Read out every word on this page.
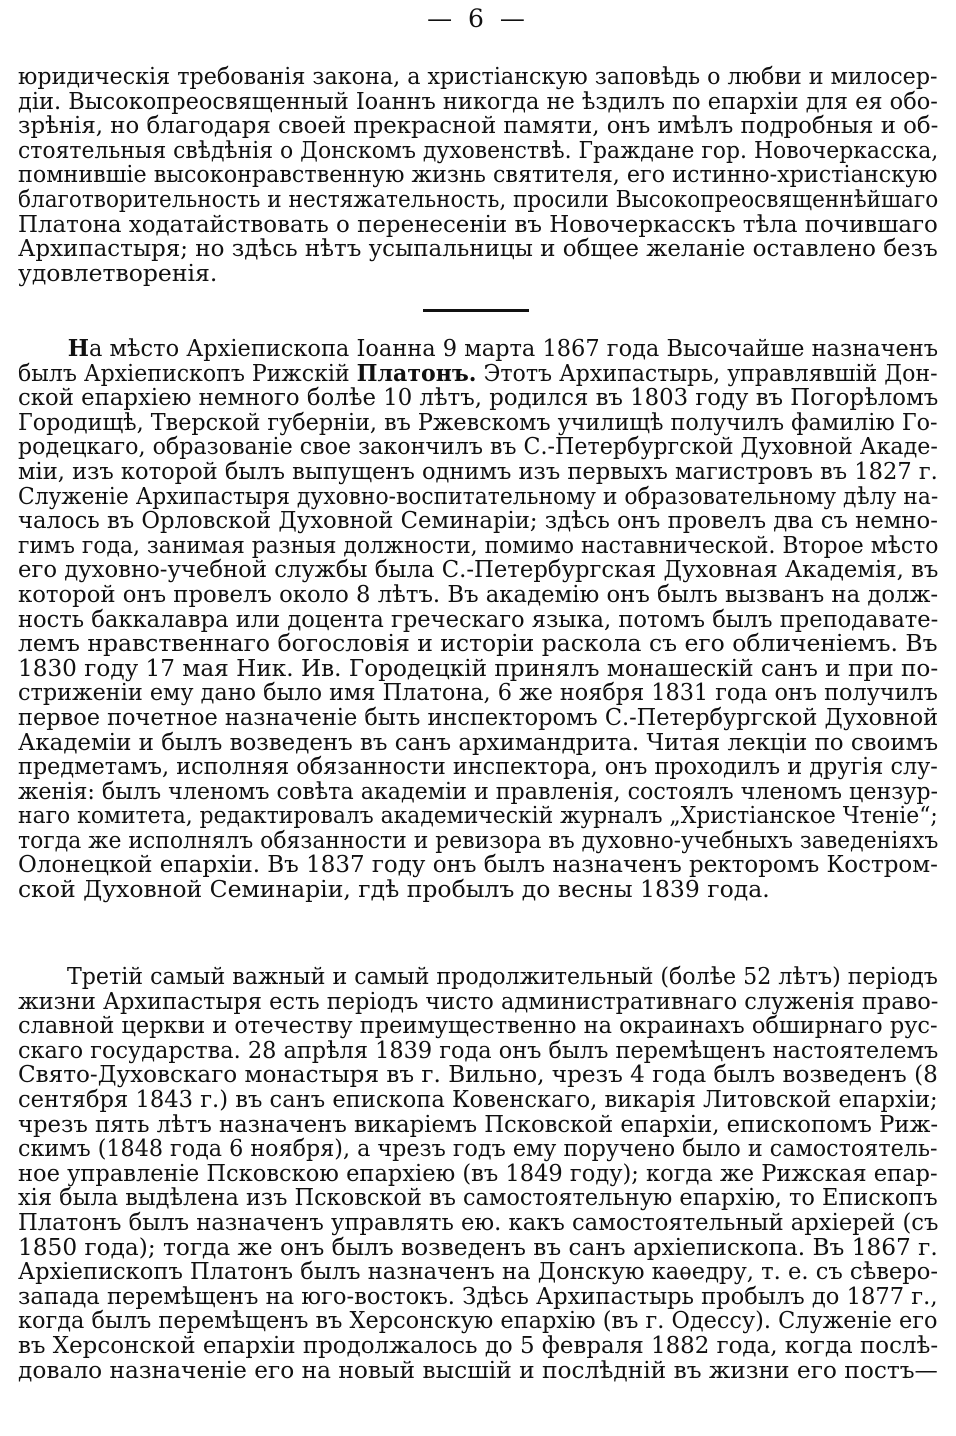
— 6 —
юридическія требованія закона, а христіанскую заповѣдь о любви и милосер-
діи. Высокопреосвященный Іоаннъ никогда не ѣздилъ по епархіи для ея обо-
зрѣнія, но благодаря своей прекрасной памяти, онъ имѣлъ подробныя и об-
стоятельныя свѣдѣнія о Донскомъ духовенствѣ. Граждане гор. Новочеркасска,
помнившіе высоконравственную жизнь святителя, его истинно-христіанскую
благотворительность и нестяжательность, просили Высокопреосвященнѣйшаго
Платона ходатайствовать о перенесеніи въ Новочеркасскъ тѣла почившаго
Архипастыря; но здѣсь нѣтъ усыпальницы и общее желаніе оставлено безъ
удовлетворенія.
На мѣсто Архіепископа Іоанна 9 марта 1867 года Высочайше назначенъ
былъ Архіепископъ Рижскій Платонъ. Этотъ Архипастырь, управлявшій Дон-
ской епархіею немного болѣе 10 лѣтъ, родился въ 1803 году въ Погорѣломъ
Городищѣ, Тверской губерніи, въ Ржевскомъ училищѣ получилъ фамилію Го-
родецкаго, образованіе свое закончилъ въ С.-Петербургской Духовной Акаде-
міи, изъ которой былъ выпущенъ однимъ изъ первыхъ магистровъ въ 1827 г.
Служеніе Архипастыря духовно-воспитательному и образовательному дѣлу на-
чалось въ Орловской Духовной Семинаріи; здѣсь онъ провелъ два съ немно-
гимъ года, занимая разныя должности, помимо наставнической. Второе мѣсто
его духовно-учебной службы была С.-Петербургская Духовная Академія, въ
которой онъ провелъ около 8 лѣтъ. Въ академію онъ былъ вызванъ на долж-
ность баккалавра или доцента греческаго языка, потомъ былъ преподавате-
лемъ нравственнаго богословія и исторіи раскола съ его обличеніемъ. Въ
1830 году 17 мая Ник. Ив. Городецкій принялъ монашескій санъ и при по-
стриженіи ему дано было имя Платона, 6 же ноября 1831 года онъ получилъ
первое почетное назначеніе быть инспекторомъ С.-Петербургской Духовной
Академіи и былъ возведенъ въ санъ архимандрита. Читая лекціи по своимъ
предметамъ, исполняя обязанности инспектора, онъ проходилъ и другія слу-
женія: былъ членомъ совѣта академіи и правленія, состоялъ членомъ цензур-
наго комитета, редактировалъ академическій журналъ „Христіанское Чтеніе“;
тогда же исполнялъ обязанности и ревизора въ духовно-учебныхъ заведеніяхъ
Олонецкой епархіи. Въ 1837 году онъ былъ назначенъ ректоромъ Костром-
ской Духовной Семинаріи, гдѣ пробылъ до весны 1839 года.
Третій самый важный и самый продолжительный (болѣе 52 лѣтъ) періодъ
жизни Архипастыря есть періодъ чисто административнаго служенія право-
славной церкви и отечеству преимущественно на окраинахъ обширнаго рус-
скаго государства. 28 апрѣля 1839 года онъ былъ перемѣщенъ настоятелемъ
Свято-Духовскаго монастыря въ г. Вильно, чрезъ 4 года былъ возведенъ (8
сентября 1843 г.) въ санъ епископа Ковенскаго, викарія Литовской епархіи;
чрезъ пять лѣтъ назначенъ викаріемъ Псковской епархіи, епископомъ Риж-
скимъ (1848 года 6 ноября), а чрезъ годъ ему поручено было и самостоятель-
ное управленіе Псковскою епархіею (въ 1849 году); когда же Рижская епар-
хія была выдѣлена изъ Псковской въ самостоятельную епархію, то Епископъ
Платонъ былъ назначенъ управлять ею. какъ самостоятельный архіерей (съ
1850 года); тогда же онъ былъ возведенъ въ санъ архіепископа. Въ 1867 г.
Архіепископъ Платонъ былъ назначенъ на Донскую каѳедру, т. е. съ сѣверо-
запада перемѣщенъ на юго-востокъ. Здѣсь Архипастырь пробылъ до 1877 г.,
когда былъ перемѣщенъ въ Херсонскую епархію (въ г. Одессу). Служеніе его
въ Херсонской епархіи продолжалось до 5 февраля 1882 года, когда послѣ-
довало назначеніе его на новый высшій и послѣдній въ жизни его постъ—
